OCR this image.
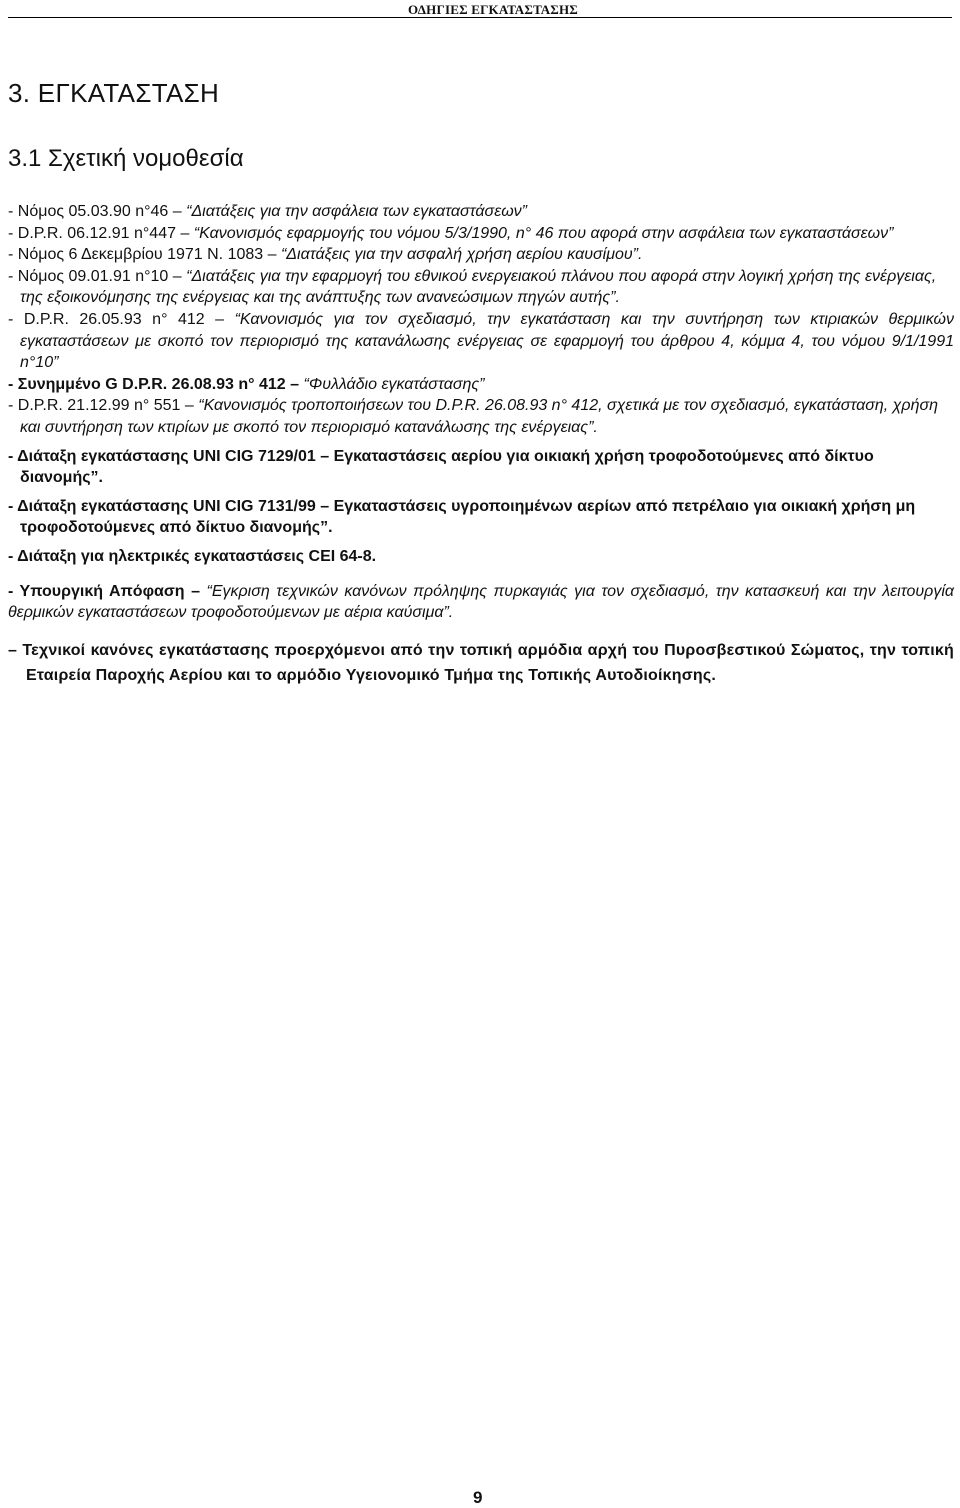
ΟΔΗΓΙΕΣ ΕΓΚΑΤΑΣΤΑΣΗΣ
3. ΕΓΚΑΤΑΣΤΑΣΗ
3.1 Σχετική νομοθεσία

- Νόμος 05.03.90 n°46 – “Διατάξεις για την ασφάλεια των εγκαταστάσεων”

- D.P.R. 06.12.91 n°447 – “Κανονισμός εφαρμογής του νόμου 5/3/1990, n° 46 που αφορά στην ασφάλεια των εγκαταστάσεων”

- Νόμος 6 Δεκεμβρίου 1971 N. 1083 – “Διατάξεις για την ασφαλή χρήση αερίου καυσίμου”.

- Νόμος 09.01.91 n°10 – “Διατάξεις για την εφαρμογή του εθνικού ενεργειακού πλάνου που αφορά στην λογική χρήση της ενέργειας, της εξοικονόμησης της ενέργειας και της ανάπτυξης των ανανεώσιμων πηγών αυτής”.

- D.P.R. 26.05.93 n° 412 – “Κανονισμός για τον σχεδιασμό, την εγκατάσταση και την συντήρηση των κτιριακών θερμικών εγκαταστάσεων με σκοπό τον περιορισμό της κατανάλωσης ενέργειας σε εφαρμογή του άρθρου 4, κόμμα 4, του νόμου 9/1/1991 n°10”

- Συνημμένο G D.P.R. 26.08.93 n° 412 – “Φυλλάδιο εγκατάστασης”

- D.P.R. 21.12.99 n° 551 – “Κανονισμός τροποποιήσεων του D.P.R. 26.08.93 n° 412, σχετικά με τον σχεδιασμό, εγκατάσταση, χρήση και συντήρηση των κτιρίων με σκοπό τον περιορισμό κατανάλωσης της ενέργειας”.

- Διάταξη εγκατάστασης UNI CIG 7129/01 – Εγκαταστάσεις αερίου για οικιακή χρήση τροφοδοτούμενες από δίκτυο διανομής”.

- Διάταξη εγκατάστασης UNI CIG 7131/99 – Εγκαταστάσεις υγροποιημένων αερίων από πετρέλαιο για οικιακή χρήση μη τροφοδοτούμενες από δίκτυο διανομής”.

- Διάταξη για ηλεκτρικές εγκαταστάσεις CEI 64-8.

- Υπουργική Απόφαση – “Εγκριση τεχνικών κανόνων πρόληψης πυρκαγιάς για τον σχεδιασμό, την κατασκευή και την λειτουργία θερμικών εγκαταστάσεων τροφοδοτούμενων με αέρια καύσιμα”.

– Τεχνικοί κανόνες εγκατάστασης προερχόμενοι από την τοπική αρμόδια αρχή του Πυροσβεστικού Σώματος, την τοπική Εταιρεία Παροχής Αερίου και το αρμόδιο Υγειονομικό Τμήμα της Τοπικής Αυτοδιοίκησης.

9
